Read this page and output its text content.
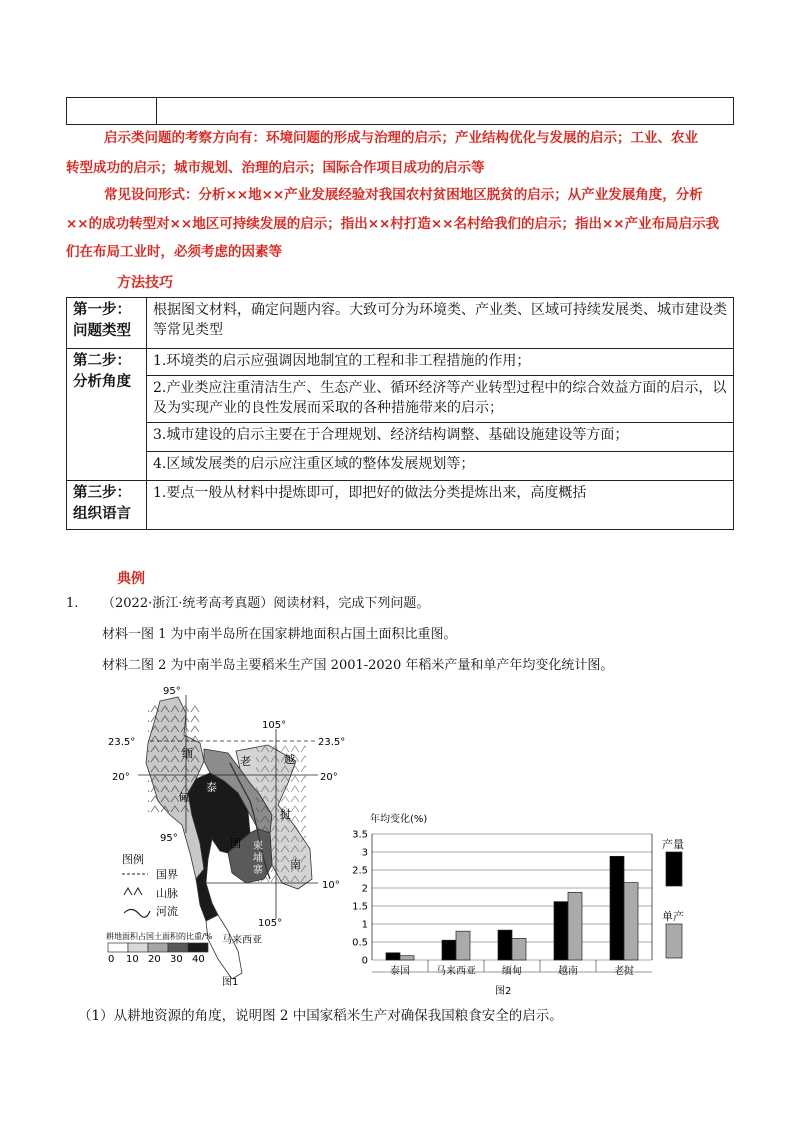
启示类问题的考察方向有：环境问题的形成与治理的启示；产业结构优化与发展的启示；工业、农业
转型成功的启示；城市规划、治理的启示；国际合作项目成功的启示等
常见设问形式：分析××地××产业发展经验对我国农村贫困地区脱贫的启示；从产业发展角度，分析
××的成功转型对××地区可持续发展的启示；指出××村打造××名村给我们的启示；指出××产业布局启示我
们在布局工业时，必须考虑的因素等
方法技巧
第一步：问题类型	根据图文材料，确定问题内容。大致可分为环境类、产业类、区域可持续发展类、城市建设类等常见类型
第二步：分析角度	1.环境类的启示应强调因地制宜的工程和非工程措施的作用；
	2.产业类应注重清洁生产、生态产业、循环经济等产业转型过程中的综合效益方面的启示，以及为实现产业的良性发展而采取的各种措施带来的启示；
	3.城市建设的启示主要在于合理规划、经济结构调整、基础设施建设等方面；
	4.区域发展类的启示应注重区域的整体发展规划等；
第三步：组织语言	1.要点一般从材料中提炼即可，即把好的做法分类提炼出来，高度概括
典例
1. （2022·浙江·统考高考真题）阅读材料，完成下列问题。
材料一图 1 为中南半岛所在国家耕地面积占国土面积比重图。
材料二图 2 为中南半岛主要稻米生产国 2001-2020 年稻米产量和单产年均变化统计图。
95°
105°
23.5°	23.5°
20°	20°
95°
10°
105°
缅
甸
泰
国
老
挝
越
南
柬
埔
寨
马来西亚
图例
国界
山脉
河流
耕地面积占国土面积的比重/%
0 10 20 30 40
图1
年均变化(%)
0
0.5
1
1.5
2
2.5
3
3.5
泰国	马来西亚	缅甸	越南	老挝
产量
单产
图2
（1）从耕地资源的角度，说明图 2 中国家稻米生产对确保我国粮食安全的启示。
